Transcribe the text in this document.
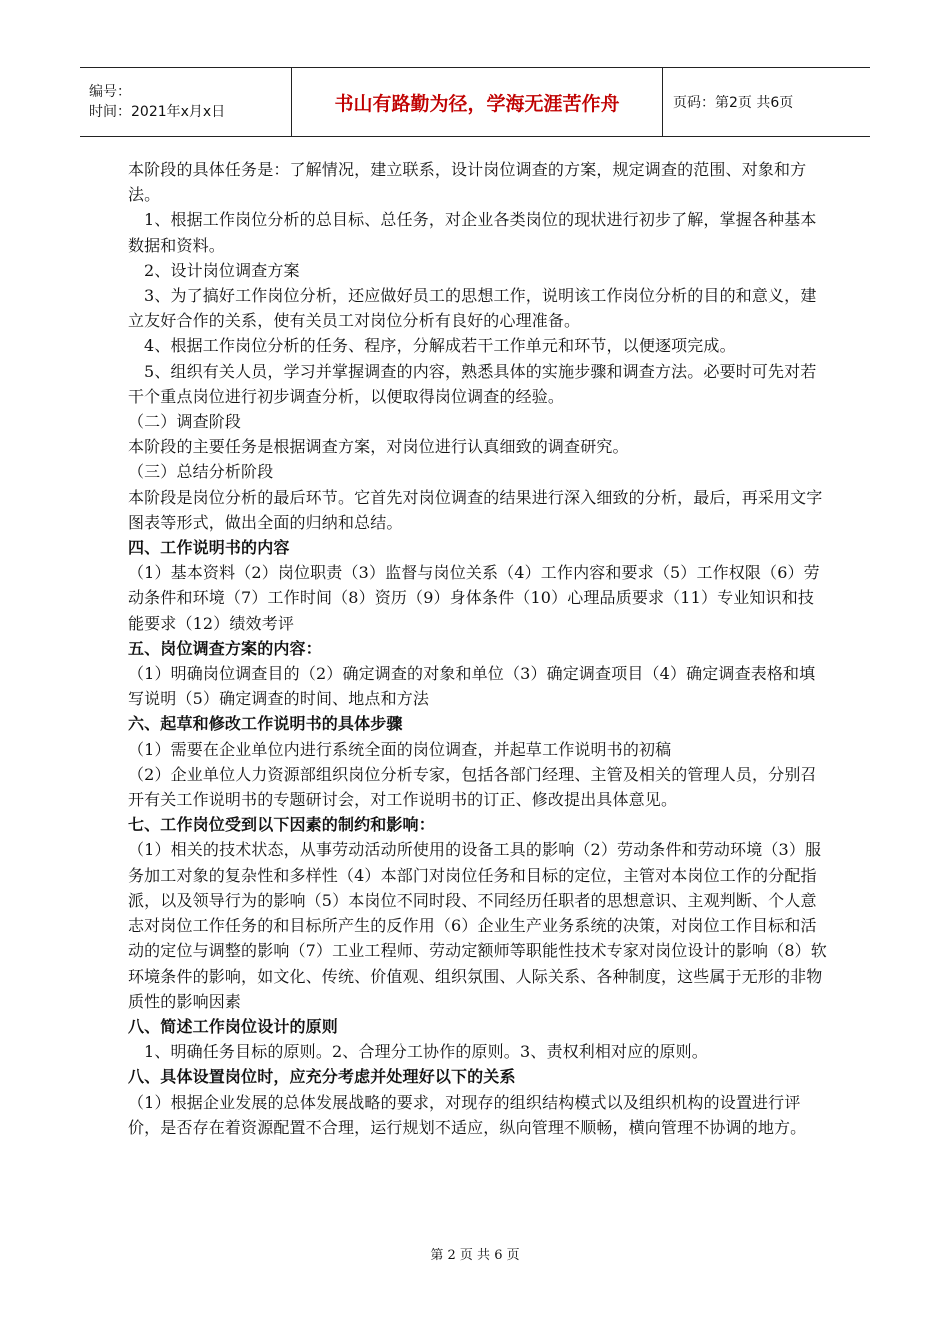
编号：
时间：2021年x月x日	书山有路勤为径，学海无涯苦作舟	页码：第2页 共6页

本阶段的具体任务是：了解情况，建立联系，设计岗位调查的方案，规定调查的范围、对象和方法。

1、根据工作岗位分析的总目标、总任务，对企业各类岗位的现状进行初步了解，掌握各种基本数据和资料。

2、设计岗位调查方案

3、为了搞好工作岗位分析，还应做好员工的思想工作，说明该工作岗位分析的目的和意义，建立友好合作的关系，使有关员工对岗位分析有良好的心理准备。

4、根据工作岗位分析的任务、程序，分解成若干工作单元和环节，以便逐项完成。

5、组织有关人员，学习并掌握调查的内容，熟悉具体的实施步骤和调查方法。必要时可先对若干个重点岗位进行初步调查分析，以便取得岗位调查的经验。

（二）调查阶段

本阶段的主要任务是根据调查方案，对岗位进行认真细致的调查研究。

（三）总结分析阶段

本阶段是岗位分析的最后环节。它首先对岗位调查的结果进行深入细致的分析，最后，再采用文字图表等形式，做出全面的归纳和总结。

四、工作说明书的内容

（1）基本资料（2）岗位职责（3）监督与岗位关系（4）工作内容和要求（5）工作权限（6）劳动条件和环境（7）工作时间（8）资历（9）身体条件（10）心理品质要求（11）专业知识和技能要求（12）绩效考评

五、岗位调查方案的内容：

（1）明确岗位调查目的（2）确定调查的对象和单位（3）确定调查项目（4）确定调查表格和填写说明（5）确定调查的时间、地点和方法

六、起草和修改工作说明书的具体步骤

（1）需要在企业单位内进行系统全面的岗位调查，并起草工作说明书的初稿

（2）企业单位人力资源部组织岗位分析专家，包括各部门经理、主管及相关的管理人员，分别召开有关工作说明书的专题研讨会，对工作说明书的订正、修改提出具体意见。

七、工作岗位受到以下因素的制约和影响：

（1）相关的技术状态，从事劳动活动所使用的设备工具的影响（2）劳动条件和劳动环境（3）服务加工对象的复杂性和多样性（4）本部门对岗位任务和目标的定位，主管对本岗位工作的分配指派，以及领导行为的影响（5）本岗位不同时段、不同经历任职者的思想意识、主观判断、个人意志对岗位工作任务的和目标所产生的反作用（6）企业生产业务系统的决策，对岗位工作目标和活动的定位与调整的影响（7）工业工程师、劳动定额师等职能性技术专家对岗位设计的影响（8）软环境条件的影响，如文化、传统、价值观、组织氛围、人际关系、各种制度，这些属于无形的非物质性的影响因素

八、简述工作岗位设计的原则

1、明确任务目标的原则。2、合理分工协作的原则。3、责权利相对应的原则。

八、具体设置岗位时，应充分考虑并处理好以下的关系

（1）根据企业发展的总体发展战略的要求，对现存的组织结构模式以及组织机构的设置进行评价，是否存在着资源配置不合理，运行规划不适应，纵向管理不顺畅，横向管理不协调的地方。

第 2 页 共 6 页
